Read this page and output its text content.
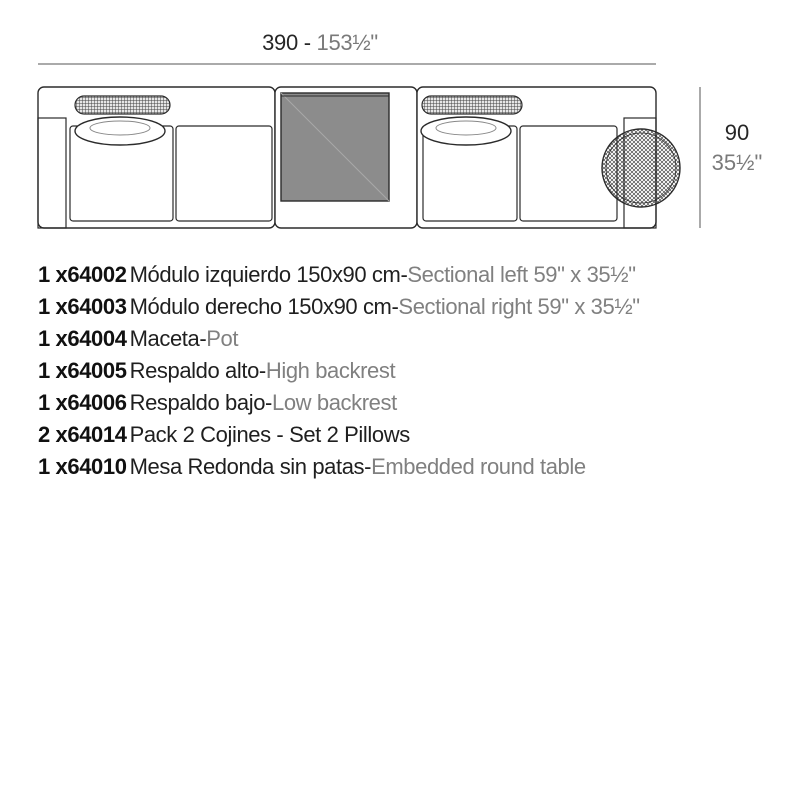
390 - 153½"
90
35½"
1 x 64002 Módulo izquierdo 150x90 cm - Sectional left 59" x 35½"
1 x 64003 Módulo derecho 150x90 cm - Sectional right 59" x 35½"
1 x 64004 Maceta - Pot
1 x 64005 Respaldo alto - High backrest
1 x 64006 Respaldo bajo - Low backrest
2 x 64014 Pack 2 Cojines - Set 2 Pillows
1 x 64010 Mesa Redonda sin patas - Embedded round table
